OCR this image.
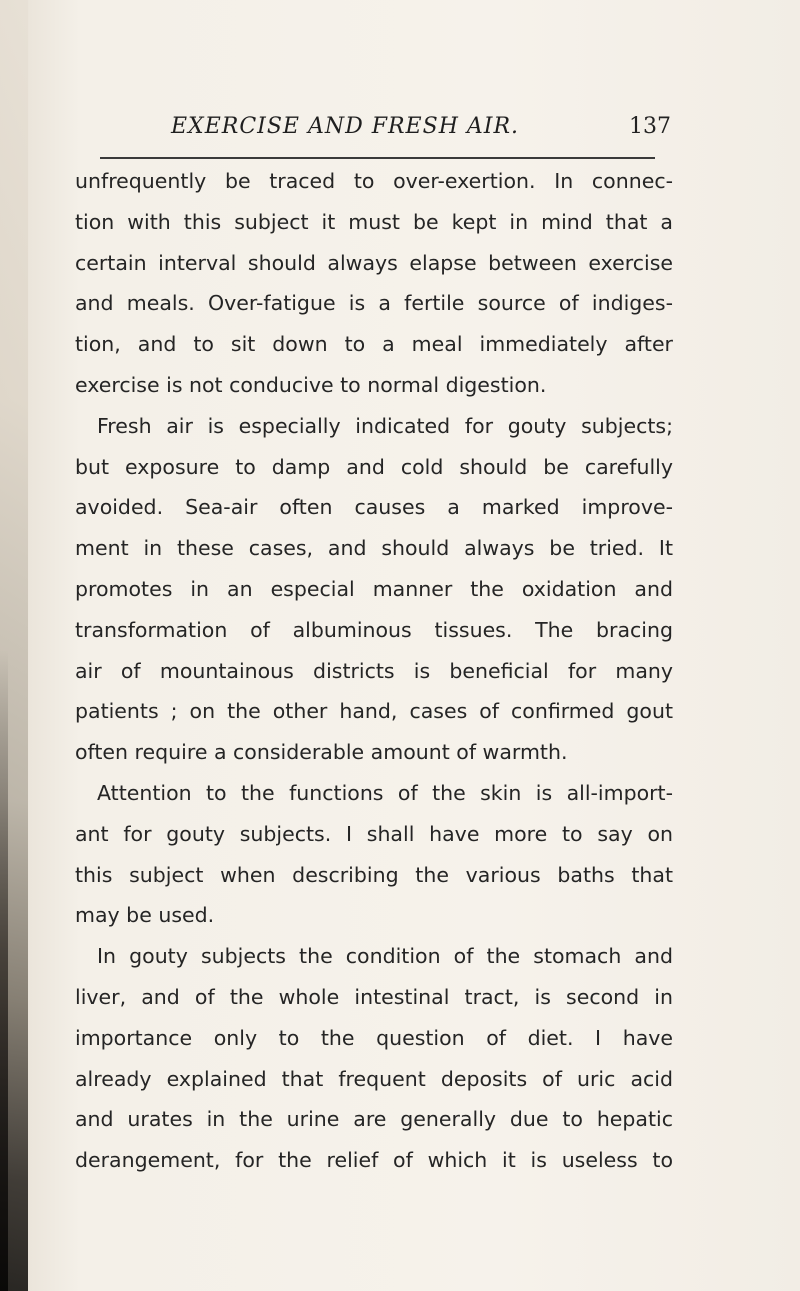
EXERCISE AND FRESH AIR.	137
unfrequently be traced to over-exertion. In connec-
tion with this subject it must be kept in mind that a
certain interval should always elapse between exercise
and meals. Over-fatigue is a fertile source of indiges-
tion, and to sit down to a meal immediately after
exercise is not conducive to normal digestion.
Fresh air is especially indicated for gouty subjects;
but exposure to damp and cold should be carefully
avoided. Sea-air often causes a marked improve-
ment in these cases, and should always be tried. It
promotes in an especial manner the oxidation and
transformation of albuminous tissues. The bracing
air of mountainous districts is beneficial for many
patients ; on the other hand, cases of confirmed gout
often require a considerable amount of warmth.
Attention to the functions of the skin is all-import-
ant for gouty subjects. I shall have more to say on
this subject when describing the various baths that
may be used.
In gouty subjects the condition of the stomach and
liver, and of the whole intestinal tract, is second in
importance only to the question of diet. I have
already explained that frequent deposits of uric acid
and urates in the urine are generally due to hepatic
derangement, for the relief of which it is useless to
